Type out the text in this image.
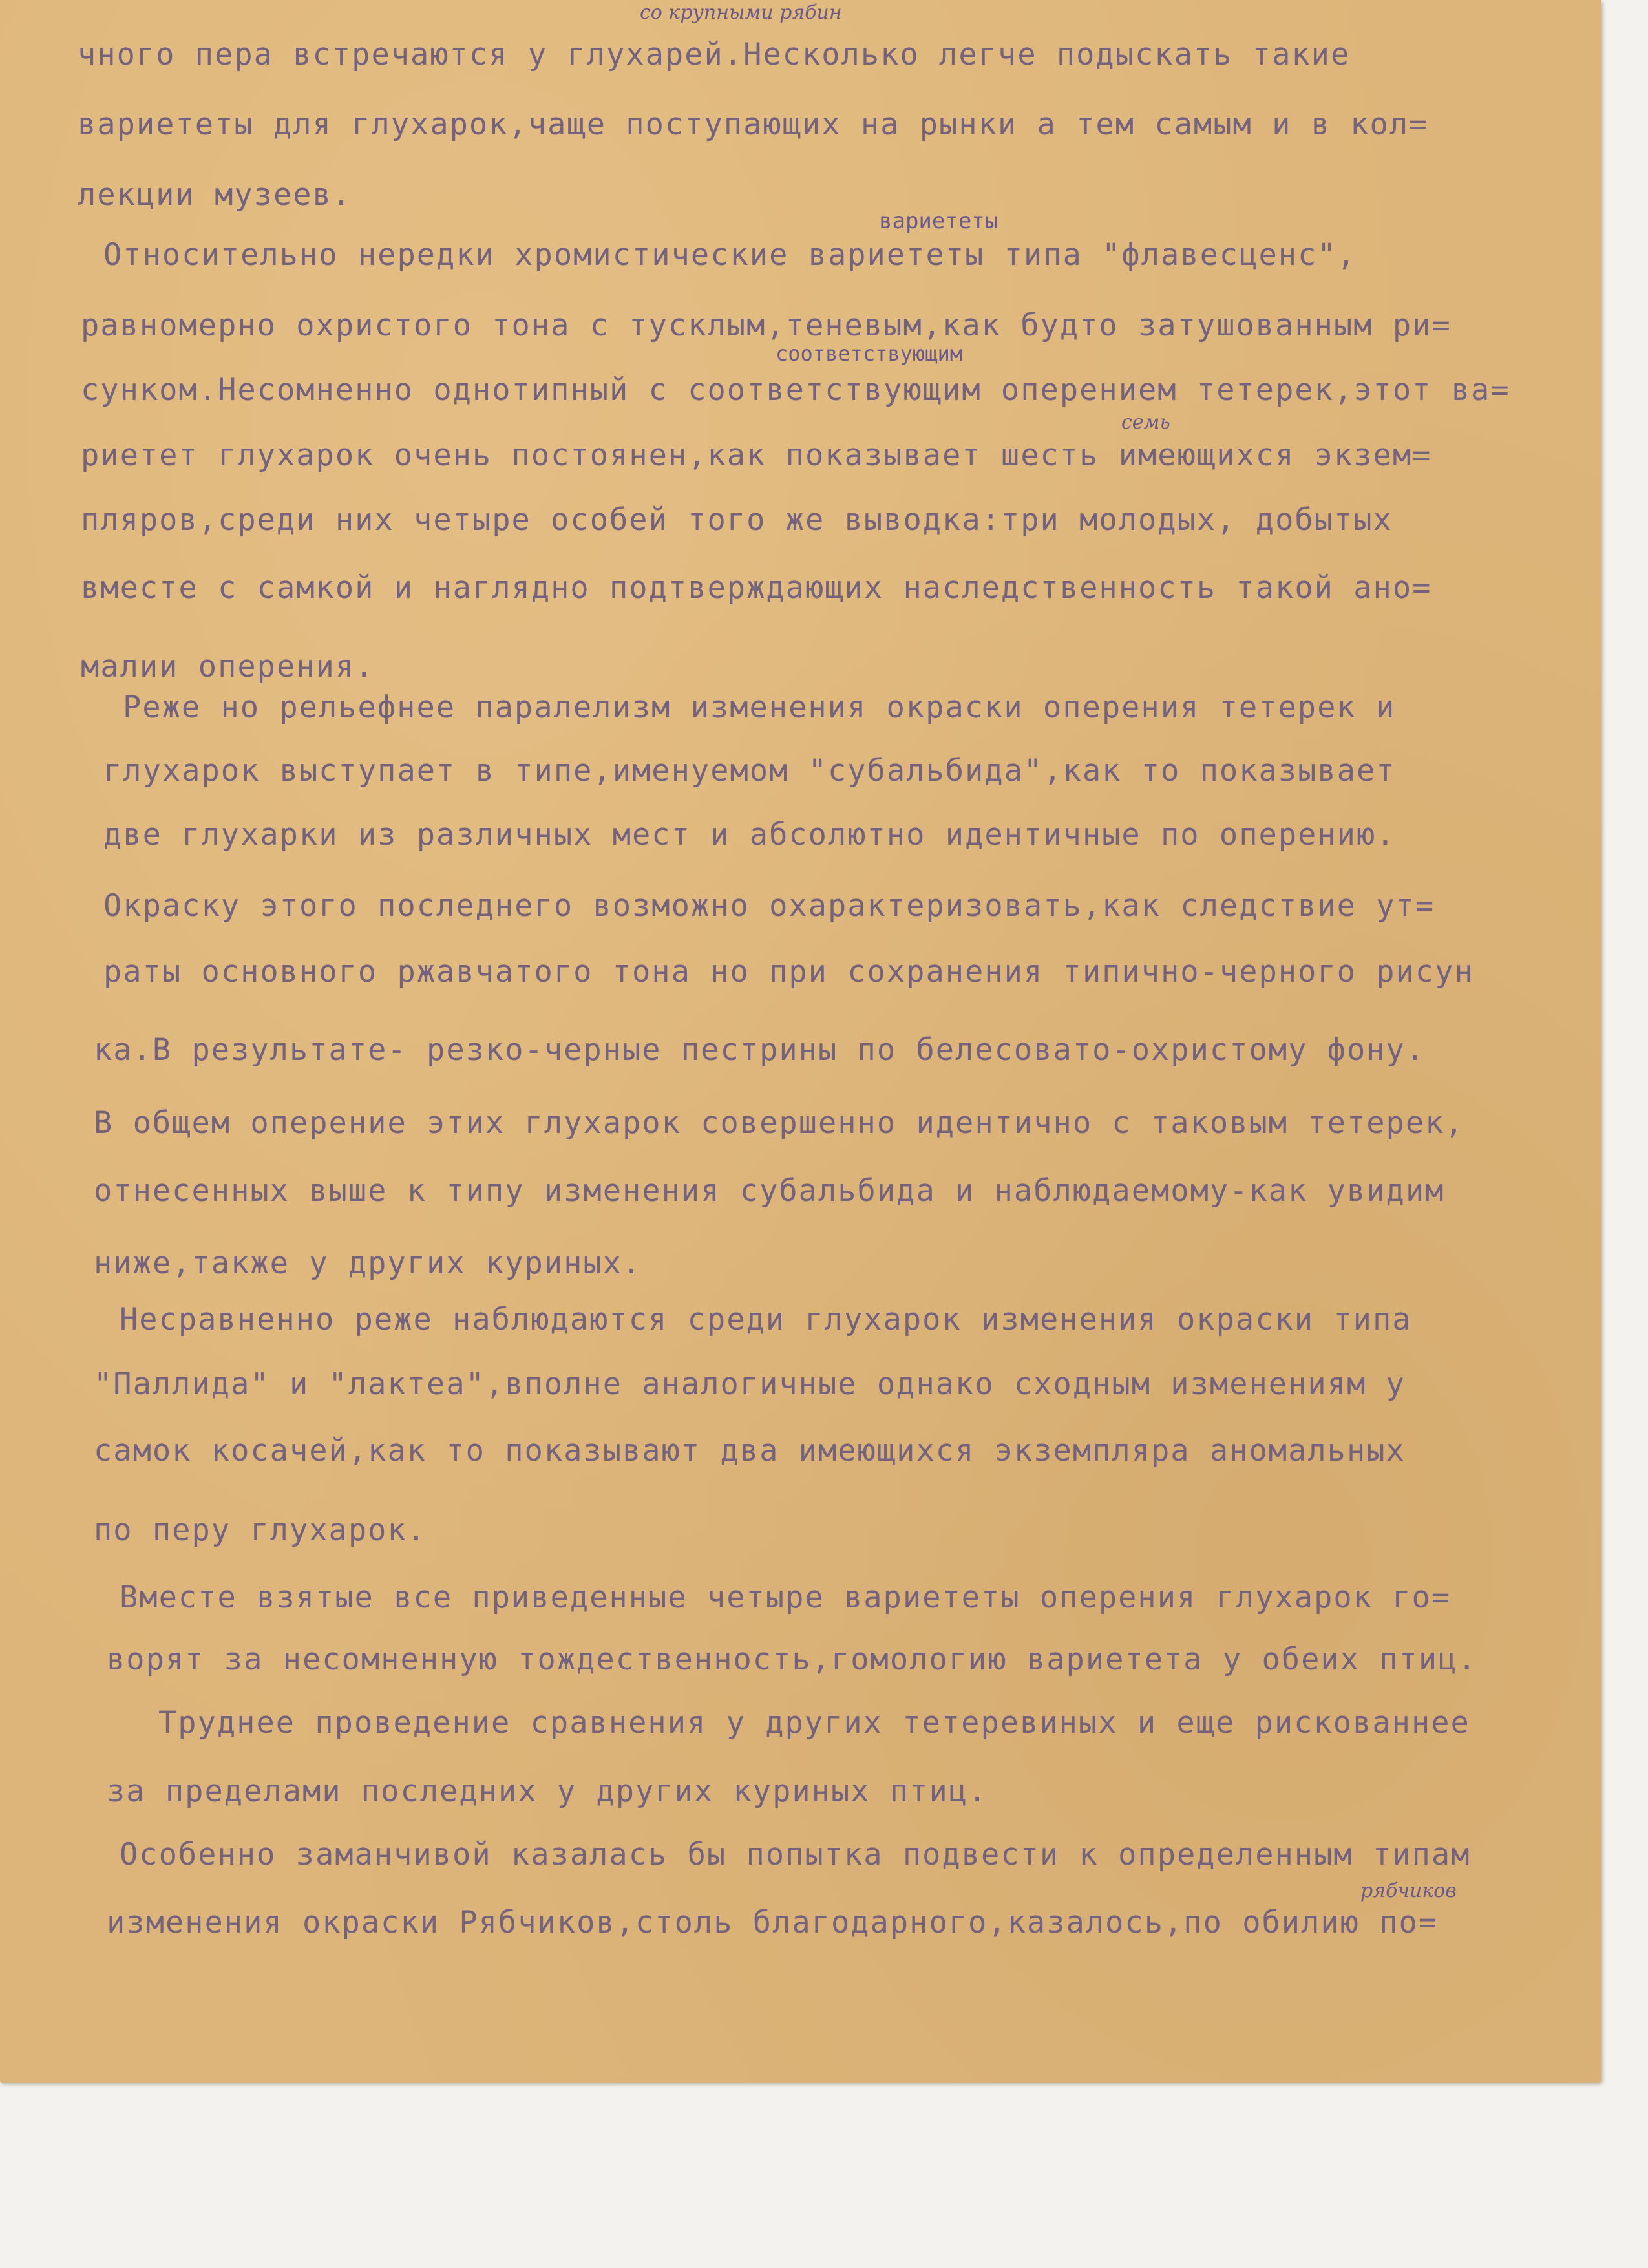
со крупными рябин
вариететы
соответствующим
семь
рябчиков
чного пера встречаются у глухарей.Несколько легче подыскать такие
вариететы для глухарок,чаще поступающих на рынки а тем самым и в кол=
лекции музеев.
Относительно нередки хромистические вариететы типа "флавесценс",
равномерно охристого тона с тусклым,теневым,как будто затушованным ри=
сунком.Несомненно однотипный с соответствующим оперением тетерек,этот ва=
риетет глухарок очень постоянен,как показывает шесть имеющихся экзем=
пляров,среди них четыре особей того же выводка:три молодых, добытых
вместе с самкой и наглядно подтверждающих наследственность такой ано=
малии оперения.
Реже но рельефнее паралелизм изменения окраски оперения тетерек и
глухарок выступает в типе,именуемом "субальбида",как то показывает
две глухарки из различных мест и абсолютно идентичные по оперению.
Окраску этого последнего возможно охарактеризовать,как следствие ут=
раты основного ржавчатого тона но при сохранения типично-черного рисун
ка.В результате- резко-черные пестрины по белесовато-охристому фону.
В общем оперение этих глухарок совершенно идентично с таковым тетерек,
отнесенных выше к типу изменения субальбида и наблюдаемому-как увидим
ниже,также у других куриных.
Несравненно реже наблюдаются среди глухарок изменения окраски типа
"Паллида" и "лактеа",вполне аналогичные однако сходным изменениям у
самок косачей,как то показывают два имеющихся экземпляра аномальных
по перу глухарок.
Вместе взятые все приведенные четыре вариететы оперения глухарок го=
ворят за несомненную тождественность,гомологию вариетета у обеих птиц.
Труднее проведение сравнения у других тетеревиных и еще рискованнее
за пределами последних у других куриных птиц.
Особенно заманчивой казалась бы попытка подвести к определенным типам
изменения окраски Рябчиков,столь благодарного,казалось,по обилию по=
